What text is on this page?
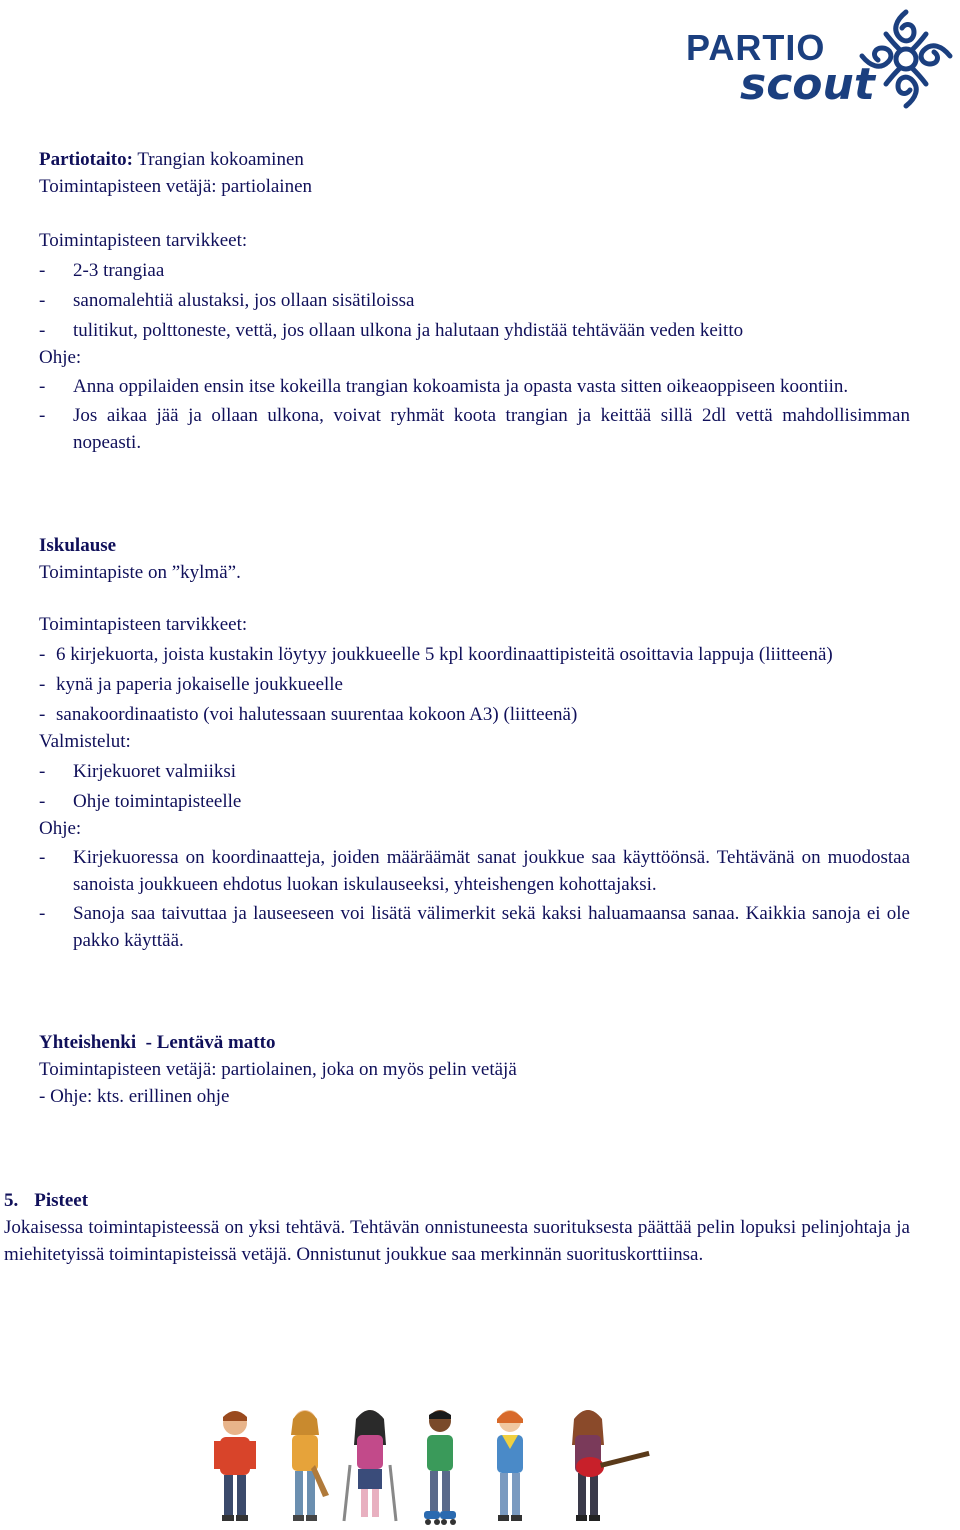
PARTIO
scout
Partiotaito: Trangian kokoaminen
Toimintapisteen vetäjä: partiolainen
Toimintapisteen tarvikkeet:
-	2-3 trangiaa
-	sanomalehtiä alustaksi, jos ollaan sisätiloissa
-	tulitikut, polttoneste, vettä, jos ollaan ulkona ja halutaan yhdistää tehtävään veden keitto
Ohje:
-	Anna oppilaiden ensin itse kokeilla trangian kokoamista ja opasta vasta sitten oikeaoppiseen koontiin.
-	Jos aikaa jää ja ollaan ulkona, voivat ryhmät koota trangian ja keittää sillä 2dl vettä mahdollisimman nopeasti.
Iskulause
Toimintapiste on ”kylmä”.
Toimintapisteen tarvikkeet:
- 6 kirjekuorta, joista kustakin löytyy joukkueelle 5 kpl koordinaattipisteitä osoittavia lappuja (liitteenä)
- kynä ja paperia jokaiselle joukkueelle
- sanakoordinaatisto (voi halutessaan suurentaa kokoon A3) (liitteenä)
Valmistelut:
-	Kirjekuoret valmiiksi
-	Ohje toimintapisteelle
Ohje:
-	Kirjekuoressa on koordinaatteja, joiden määräämät sanat joukkue saa käyttöönsä. Tehtävänä on muodostaa sanoista joukkueen ehdotus luokan iskulauseeksi, yhteishengen kohottajaksi.
-	Sanoja saa taivuttaa ja lauseeseen voi lisätä välimerkit sekä kaksi haluamaansa sanaa. Kaikkia sanoja ei ole pakko käyttää.
Yhteishenki  - Lentävä matto
Toimintapisteen vetäjä: partiolainen, joka on myös pelin vetäjä
- Ohje: kts. erillinen ohje
5. Pisteet
Jokaisessa toimintapisteessä on yksi tehtävä. Tehtävän onnistuneesta suorituksesta päättää pelin lopuksi pelinjohtaja ja miehitetyissä toimintapisteissä vetäjä. Onnistunut joukkue saa merkinnän suorituskorttiinsa.
